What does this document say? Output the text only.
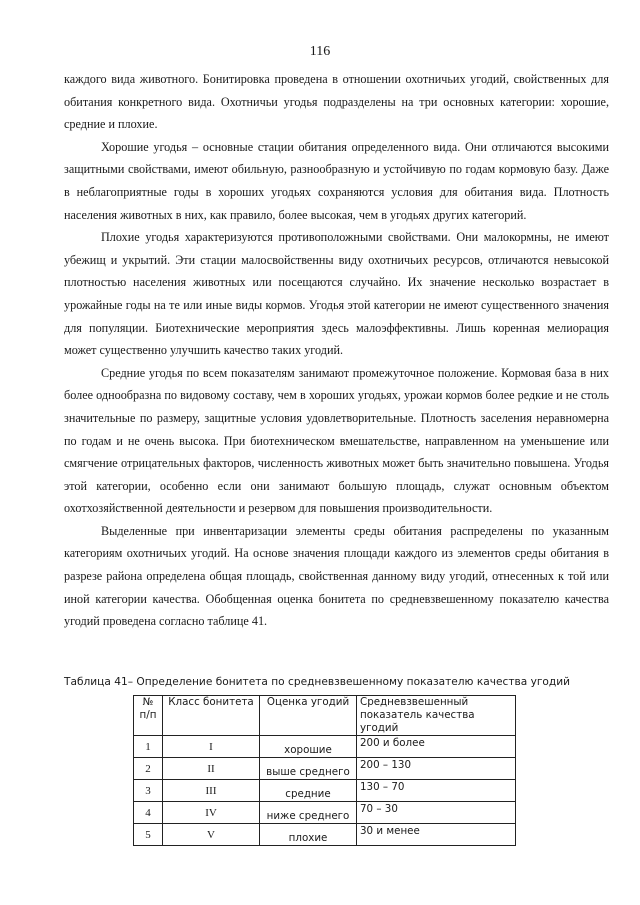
116

каждого вида животного. Бонитировка проведена в отношении охотничьих угодий, свойственных для обитания конкретного вида. Охотничьи угодья подразделены на три основных категории: хорошие, средние и плохие.

Хорошие угодья – основные стации обитания определенного вида. Они отличаются высокими защитными свойствами, имеют обильную, разнообразную и устойчивую по годам кормовую базу. Даже в неблагоприятные годы в хороших угодьях сохраняются условия для обитания вида. Плотность населения животных в них, как правило, более высокая, чем в угодьях других категорий.

Плохие угодья характеризуются противоположными свойствами. Они малокормны, не имеют убежищ и укрытий. Эти стации малосвойственны виду охотничьих ресурсов, отличаются невысокой плотностью населения животных или посещаются случайно. Их значение несколько возрастает в урожайные годы на те или иные виды кормов. Угодья этой категории не имеют существенного значения для популяции. Биотехнические мероприятия здесь малоэффективны. Лишь коренная мелиорация может существенно улучшить качество таких угодий.

Средние угодья по всем показателям занимают промежуточное положение. Кормовая база в них более однообразна по видовому составу, чем в хороших угодьях, урожаи кормов более редкие и не столь значительные по размеру, защитные условия удовлетворительные. Плотность заселения неравномерна по годам и не очень высока. При биотехническом вмешательстве, направленном на уменьшение или смягчение отрицательных факторов, численность животных может быть значительно повышена. Угодья этой категории, особенно если они занимают большую площадь, служат основным объектом охотхозяйственной деятельности и резервом для повышения производительности.

Выделенные при инвентаризации элементы среды обитания распределены по указанным категориям охотничьих угодий. На основе значения площади каждого из элементов среды обитания в разрезе района определена общая площадь, свойственная данному виду угодий, отнесенных к той или иной категории качества. Обобщенная оценка бонитета по средневзвешенному показателю качества угодий проведена согласно таблице 41.

Таблица 41– Определение бонитета по средневзвешенному показателю качества угодий
№ п/п	Класс бонитета	Оценка угодий	Средневзвешенный показатель качества угодий
1	I	хорошие	200 и более
2	II	выше среднего	200 – 130
3	III	средние	130 – 70
4	IV	ниже среднего	70 – 30
5	V	плохие	30 и менее
